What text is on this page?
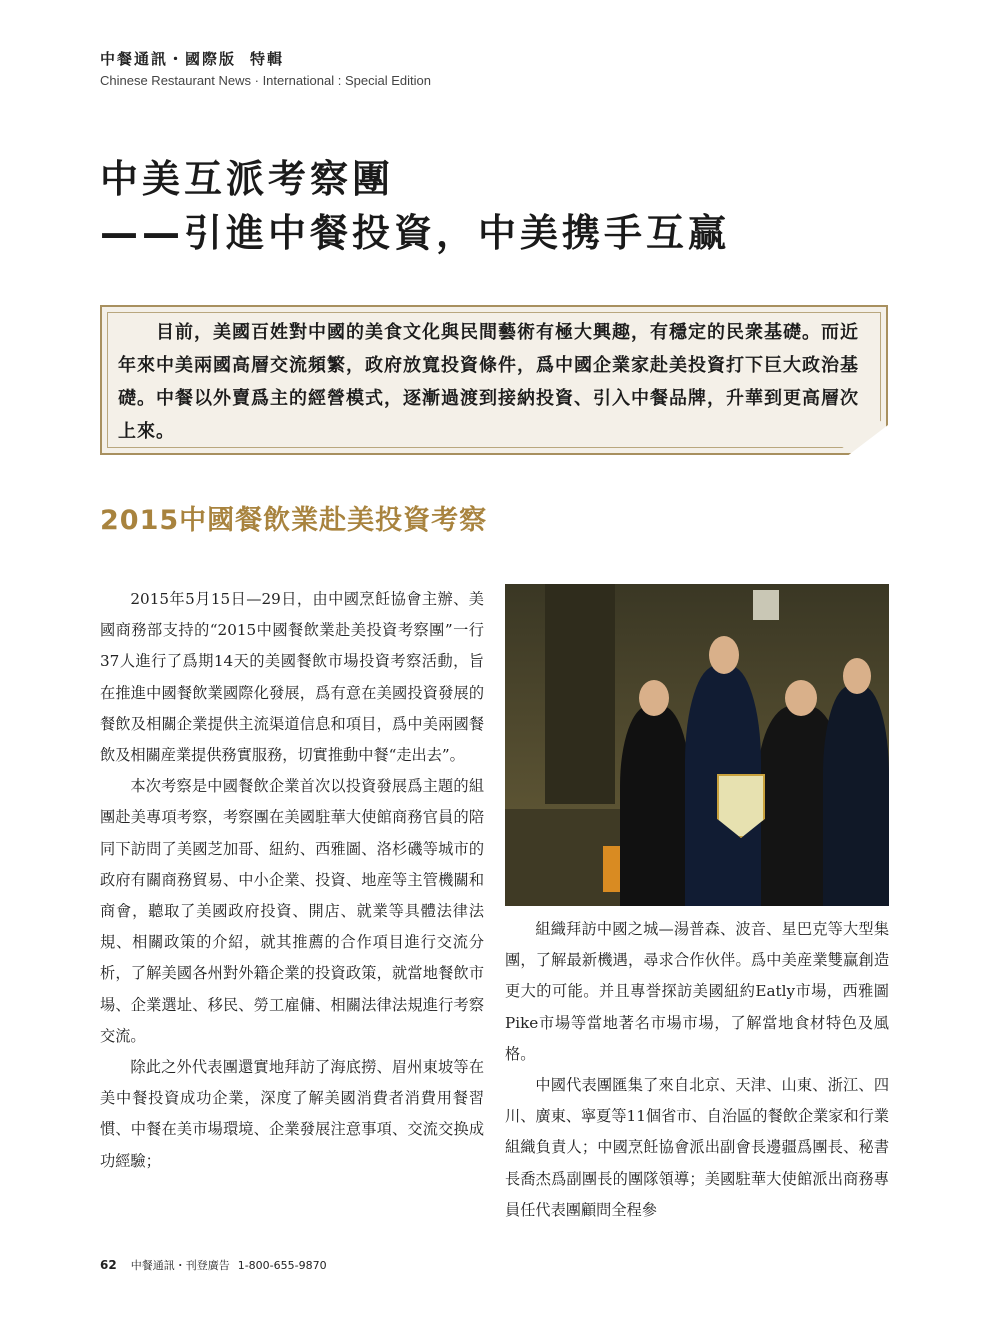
中餐通訊・國際版 特輯
Chinese Restaurant News · International : Special Edition
中美互派考察團
——引進中餐投資，中美携手互赢
目前，美國百姓對中國的美食文化與民間藝術有極大興趣，有穩定的民衆基礎。而近年來中美兩國高層交流頻繁，政府放寬投資條件，爲中國企業家赴美投資打下巨大政治基礎。中餐以外賣爲主的經營模式，逐漸過渡到接納投資、引入中餐品牌，升華到更高層次上來。
2015中國餐飲業赴美投資考察

2015年5月15日—29日，由中國烹飪協會主辦、美國商務部支持的“2015中國餐飲業赴美投資考察團”一行37人進行了爲期14天的美國餐飲市場投資考察活動，旨在推進中國餐飲業國際化發展，爲有意在美國投資發展的餐飲及相關企業提供主流渠道信息和項目，爲中美兩國餐飲及相關産業提供務實服務，切實推動中餐“走出去”。

本次考察是中國餐飲企業首次以投資發展爲主題的組團赴美專項考察，考察團在美國駐華大使館商務官員的陪同下訪問了美國芝加哥、紐約、西雅圖、洛杉磯等城市的政府有關商務貿易、中小企業、投資、地産等主管機關和商會，聽取了美國政府投資、開店、就業等具體法律法規、相關政策的介紹，就其推薦的合作項目進行交流分析，了解美國各州對外籍企業的投資政策，就當地餐飲市場、企業選址、移民、勞工雇傭、相關法律法規進行考察交流。

除此之外代表團還實地拜訪了海底撈、眉州東坡等在美中餐投資成功企業，深度了解美國消費者消費用餐習慣、中餐在美市場環境、企業發展注意事項、交流交换成功經驗；

組織拜訪中國之城—湯普森、波音、星巴克等大型集團，了解最新機遇，尋求合作伙伴。爲中美産業雙赢創造更大的可能。并且專誉探訪美國紐約Eatly市場，西雅圖Pike市場等當地著名市場市場，了解當地食材特色及風格。

中國代表團匯集了來自北京、天津、山東、浙江、四川、廣東、寧夏等11個省市、自治區的餐飲企業家和行業組織負責人；中國烹飪協會派出副會長邊疆爲團長、秘書長喬杰爲副團長的團隊領導；美國駐華大使館派出商務專員任代表團顧問全程參

62 中餐通訊・刊登廣告 1-800-655-9870
